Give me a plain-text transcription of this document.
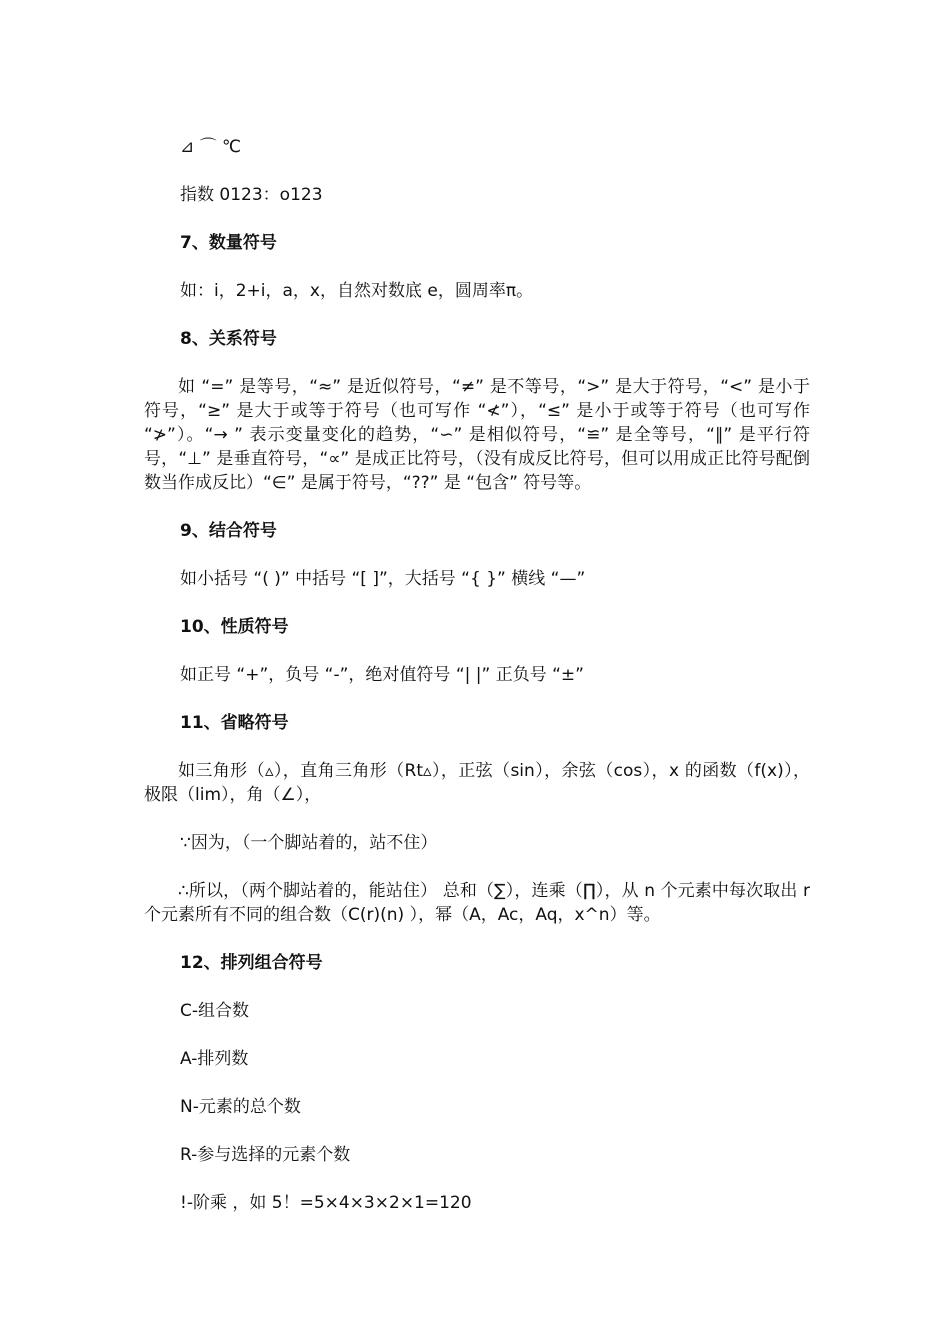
⊿ ⌒ ℃
指数 0123：o123
7、数量符号
如：i，2+i，a，x，自然对数底 e，圆周率π。
8、关系符号

如 “=” 是等号，“≈” 是近似符号，“≠” 是不等号，“>” 是大于符号，“<” 是小于符号，“≥” 是大于或等于符号（也可写作 “≮”），“≤” 是小于或等于符号（也可写作 “≯”）。“→ ” 表示变量变化的趋势，“∽” 是相似符号，“≌” 是全等号，“∥” 是平行符号，“⊥” 是垂直符号，“∝” 是成正比符号，（没有成反比符号，但可以用成正比符号配倒数当作成反比）“∈” 是属于符号，“??” 是 “包含” 符号等。

9、结合符号
如小括号 “( )” 中括号 “[ ]”，大括号 “{ }” 横线 “—”
10、性质符号
如正号 “+”，负号 “-”，绝对值符号 “| |” 正负号 “±”
11、省略符号

如三角形（▵），直角三角形（Rt▵），正弦（sin），余弦（cos），x 的函数（f(x)），极限（lim），角（∠），

∵因为，（一个脚站着的，站不住）

∴所以，（两个脚站着的，能站住） 总和（∑），连乘（∏），从 n 个元素中每次取出 r 个元素所有不同的组合数（C(r)(n) ），幂（A，Ac，Aq，x^n）等。

12、排列组合符号
C-组合数
A-排列数
N-元素的总个数
R-参与选择的元素个数
!-阶乘 ，如 5！=5×4×3×2×1=120
